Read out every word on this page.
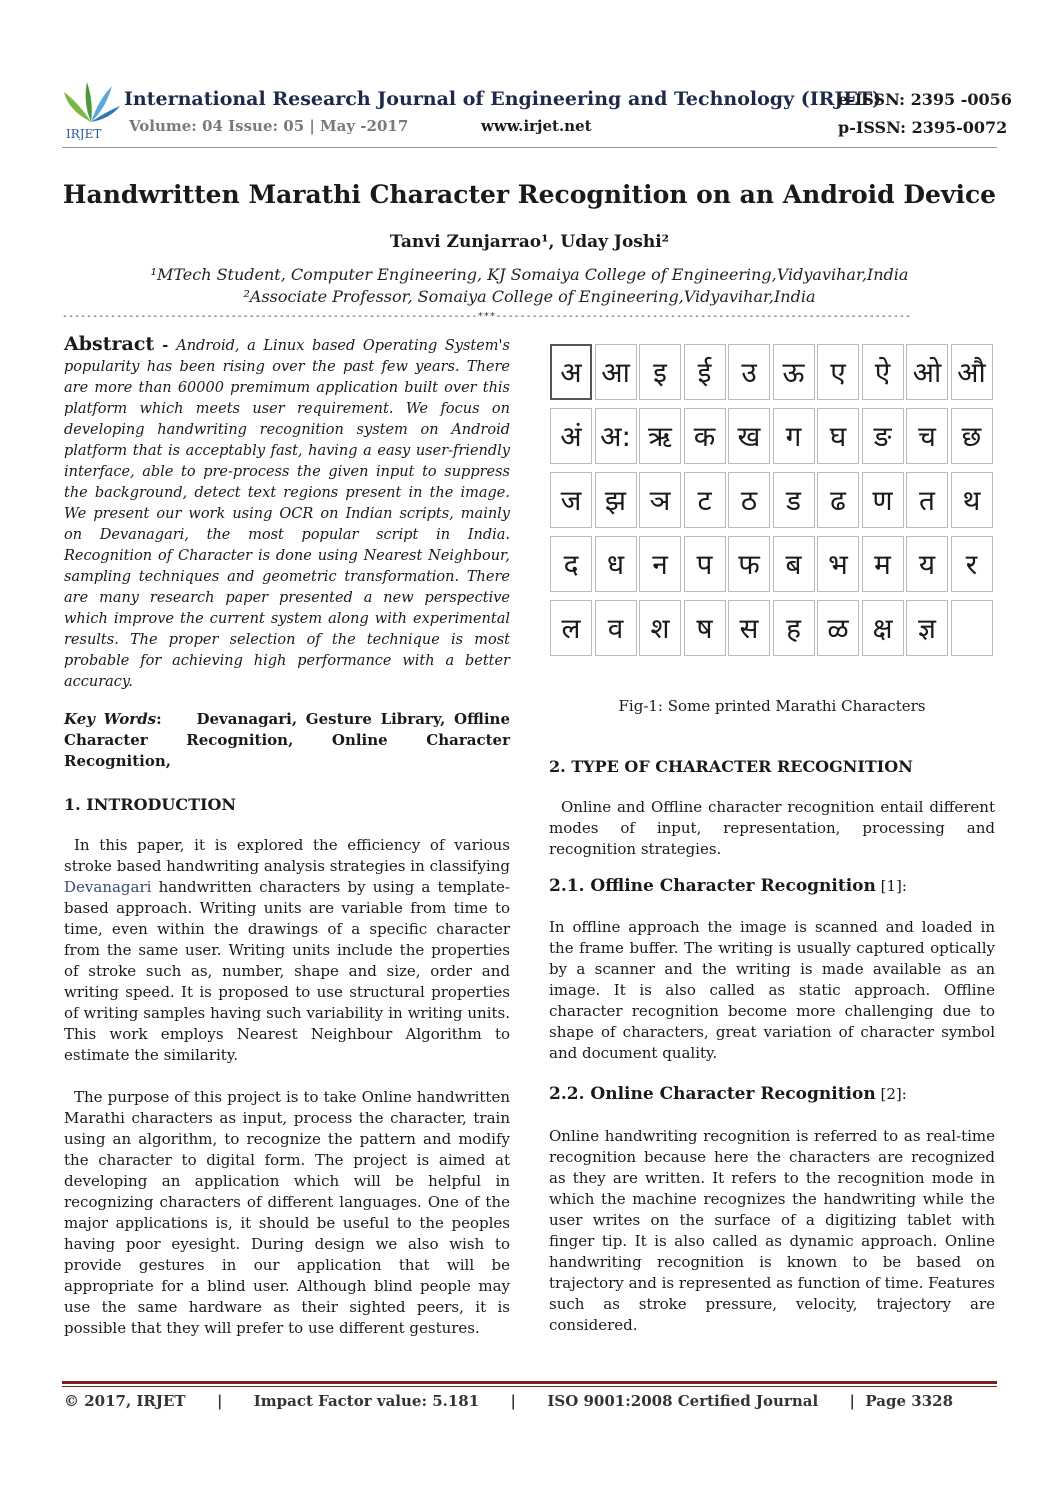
IRJET
International Research Journal of Engineering and Technology (IRJET)
e-ISSN: 2395 -0056
Volume: 04 Issue: 05 | May -2017	www.irjet.net	p-ISSN: 2395-0072
Handwritten Marathi Character Recognition on an Android Device
Tanvi Zunjarrao¹, Uday Joshi²
¹MTech Student, Computer Engineering, KJ Somaiya College of Engineering,Vidyavihar,India
²Associate Professor, Somaiya College of Engineering,Vidyavihar,India
---------------------------------------------------------------------***---------------------------------------------------------------------

Abstract - Android, a Linux based Operating System's popularity has been rising over the past few years. There are more than 60000 premimum application built over this platform which meets user requirement. We focus on developing handwriting recognition system on Android platform that is acceptably fast, having a easy user-friendly interface, able to pre-process the given input to suppress the background, detect text regions present in the image. We present our work using OCR on Indian scripts, mainly on Devanagari, the most popular script in India. Recognition of Character is done using Nearest Neighbour, sampling techniques and geometric transformation. There are many research paper presented a new perspective which improve the current system along with experimental results. The proper selection of the technique is most probable for achieving high performance with a better accuracy.

Key Words: Devanagari, Gesture Library, Offline Character Recognition, Online Character Recognition,

1. INTRODUCTION

In this paper, it is explored the efficiency of various stroke based handwriting analysis strategies in classifying Devanagari handwritten characters by using a template-based approach. Writing units are variable from time to time, even within the drawings of a specific character from the same user. Writing units include the properties of stroke such as, number, shape and size, order and writing speed. It is proposed to use structural properties of writing samples having such variability in writing units. This work employs Nearest Neighbour Algorithm to estimate the similarity.

The purpose of this project is to take Online handwritten Marathi characters as input, process the character, train using an algorithm, to recognize the pattern and modify the character to digital form. The project is aimed at developing an application which will be helpful in recognizing characters of different languages. One of the major applications is, it should be useful to the peoples having poor eyesight. During design we also wish to provide gestures in our application that will be appropriate for a blind user. Although blind people may use the same hardware as their sighted peers, it is possible that they will prefer to use different gestures.

अ आ इ	ई	उ ऊ ए	ऐ ओ औ
अं अ: ऋ क ख ग	घ ङ च छ
ज झ ञ ट	ठ	ड	ढ ण त थ
द	ध	न	प फ ब भ म	य	र
ल व श ष स ह ळ क्ष ज्ञ
Fig-1: Some printed Marathi Characters

2. TYPE OF CHARACTER RECOGNITION

Online and Offline character recognition entail different modes of input, representation, processing and recognition strategies.

2.1. Offline Character Recognition [1]:

In offline approach the image is scanned and loaded in the frame buffer. The writing is usually captured optically by a scanner and the writing is made available as an image. It is also called as static approach. Offline character recognition become more challenging due to shape of characters, great variation of character symbol and document quality.

2.2. Online Character Recognition [2]:

Online handwriting recognition is referred to as real-time recognition because here the characters are recognized as they are written. It refers to the recognition mode in which the machine recognizes the handwriting while the user writes on the surface of a digitizing tablet with finger tip. It is also called as dynamic approach. Online handwriting recognition is known to be based on trajectory and is represented as function of time. Features such as stroke pressure, velocity, trajectory are considered.

© 2017, IRJET | Impact Factor value: 5.181 | ISO 9001:2008 Certified Journal | Page 3328
